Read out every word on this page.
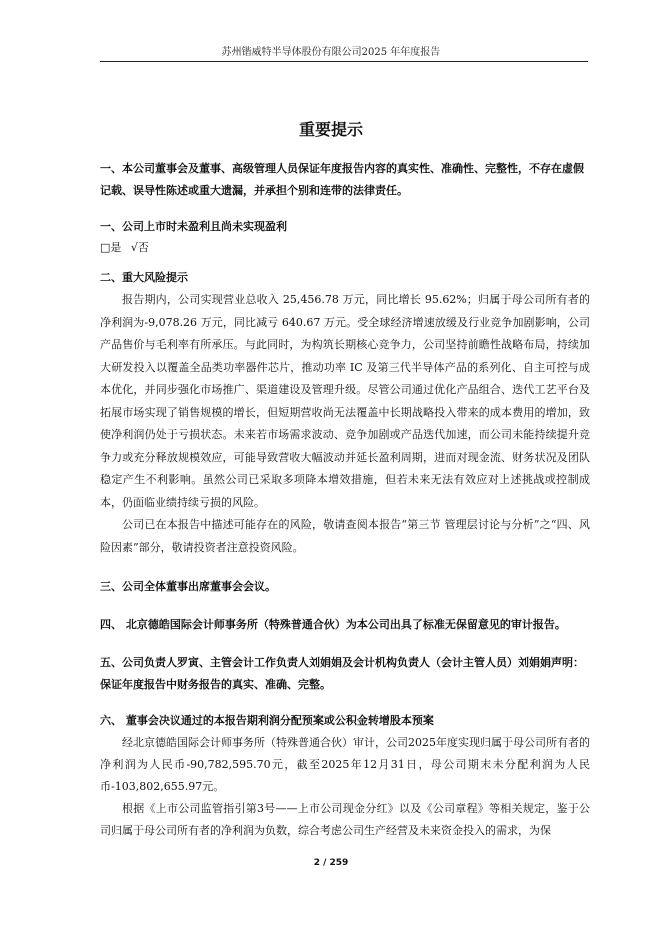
苏州锴威特半导体股份有限公司2025 年年度报告
重要提示

一、本公司董事会及董事、高级管理人员保证年度报告内容的真实性、准确性、完整性，不存在虚假记载、误导性陈述或重大遗漏，并承担个别和连带的法律责任。

一、公司上市时未盈利且尚未实现盈利

□是 √否

二、重大风险提示

报告期内，公司实现营业总收入 25,456.78 万元，同比增长 95.62%；归属于母公司所有者的净利润为-9,078.26 万元，同比减亏 640.67 万元。受全球经济增速放缓及行业竞争加剧影响，公司产品售价与毛利率有所承压。与此同时，为构筑长期核心竞争力，公司坚持前瞻性战略布局，持续加大研发投入以覆盖全品类功率器件芯片，推动功率 IC 及第三代半导体产品的系列化、自主可控与成本优化，并同步强化市场推广、渠道建设及管理升级。尽管公司通过优化产品组合、迭代工艺平台及拓展市场实现了销售规模的增长，但短期营收尚无法覆盖中长期战略投入带来的成本费用的增加，致使净利润仍处于亏损状态。未来若市场需求波动、竞争加剧或产品迭代加速，而公司未能持续提升竞争力或充分释放规模效应，可能导致营收大幅波动并延长盈利周期，进而对现金流、财务状况及团队稳定产生不利影响。虽然公司已采取多项降本增效措施，但若未来无法有效应对上述挑战或控制成本，仍面临业绩持续亏损的风险。

公司已在本报告中描述可能存在的风险，敬请查阅本报告“第三节 管理层讨论与分析”之“四、风险因素”部分，敬请投资者注意投资风险。

三、公司全体董事出席董事会会议。

四、 北京德皓国际会计师事务所（特殊普通合伙）为本公司出具了标准无保留意见的审计报告。

五、公司负责人罗寅、主管会计工作负责人刘娟娟及会计机构负责人（会计主管人员）刘娟娟声明：保证年度报告中财务报告的真实、准确、完整。

六、 董事会决议通过的本报告期利润分配预案或公积金转增股本预案

经北京德皓国际会计师事务所（特殊普通合伙）审计，公司2025年度实现归属于母公司所有者的净利润为人民币-90,782,595.70元，截至2025年12月31日，母公司期末未分配利润为人民币-103,802,655.97元。

根据《上市公司监管指引第3号——上市公司现金分红》以及《公司章程》等相关规定，鉴于公司归属于母公司所有者的净利润为负数，综合考虑公司生产经营及未来资金投入的需求，为保

2 / 259
